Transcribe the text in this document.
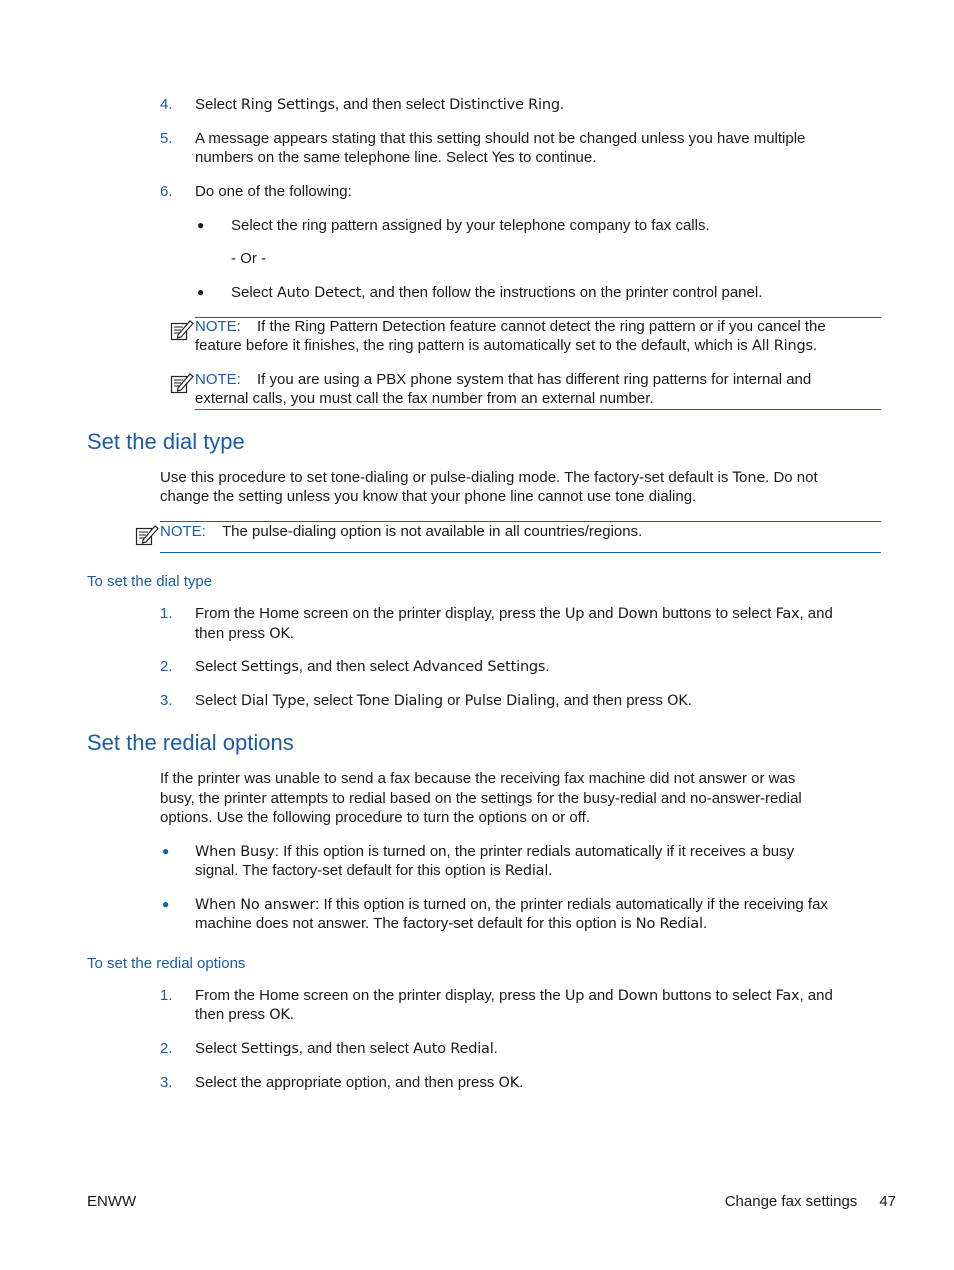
4. Select Ring Settings, and then select Distinctive Ring.
5. A message appears stating that this setting should not be changed unless you have multiple
numbers on the same telephone line. Select Yes to continue.
6. Do one of the following:
● Select the ring pattern assigned by your telephone company to fax calls.
- Or -
● Select Auto Detect, and then follow the instructions on the printer control panel.
NOTE: If the Ring Pattern Detection feature cannot detect the ring pattern or if you cancel the
feature before it finishes, the ring pattern is automatically set to the default, which is All Rings.
NOTE: If you are using a PBX phone system that has different ring patterns for internal and
external calls, you must call the fax number from an external number.
Set the dial type
Use this procedure to set tone-dialing or pulse-dialing mode. The factory-set default is Tone. Do not
change the setting unless you know that your phone line cannot use tone dialing.
NOTE: The pulse-dialing option is not available in all countries/regions.
To set the dial type
1. From the Home screen on the printer display, press the Up and Down buttons to select Fax, and
then press OK.
2. Select Settings, and then select Advanced Settings.
3. Select Dial Type, select Tone Dialing or Pulse Dialing, and then press OK.
Set the redial options
If the printer was unable to send a fax because the receiving fax machine did not answer or was
busy, the printer attempts to redial based on the settings for the busy-redial and no-answer-redial
options. Use the following procedure to turn the options on or off.
● When Busy: If this option is turned on, the printer redials automatically if it receives a busy
signal. The factory-set default for this option is Redial.
● When No answer: If this option is turned on, the printer redials automatically if the receiving fax
machine does not answer. The factory-set default for this option is No Redial.
To set the redial options
1. From the Home screen on the printer display, press the Up and Down buttons to select Fax, and
then press OK.
2. Select Settings, and then select Auto Redial.
3. Select the appropriate option, and then press OK.
ENWW	Change fax settings 47
